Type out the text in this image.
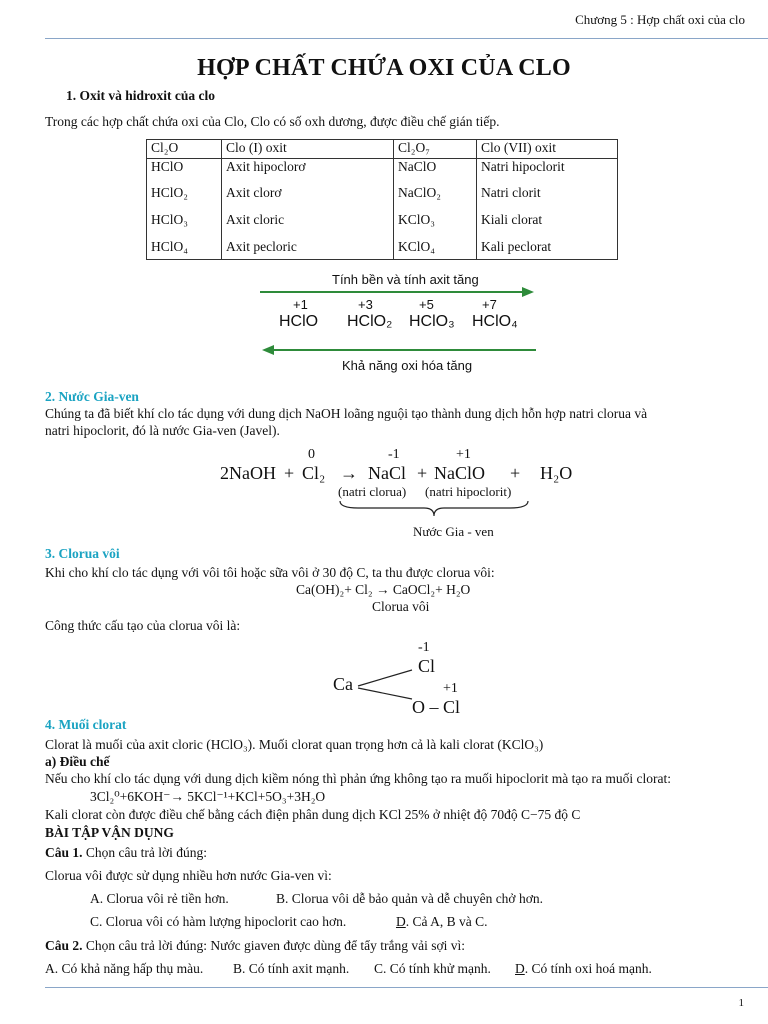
Chương 5 : Hợp chất oxi của clo
HỢP CHẤT CHỨA OXI CỦA CLO
1. Oxit và hidroxit của clo
Trong các hợp chất chứa oxi của Clo, Clo có số oxh dương, được điều chế gián tiếp.
Cl₂O	Clo (I) oxit	Cl₂O₇	Clo (VII) oxit
HClO	Axit hipoclorơ	NaClO	Natri hipoclorit
HClO₂	Axit clorơ	NaClO₂	Natri clorit
HClO₃	Axit cloric	KClO₃	Kiali clorat
HClO₄	Axit pecloric	KClO₄	Kali peclorat
Tính bền và tính axit tăng
+1	+3	+5	+7
HClO HClO₂ HClO₃ HClO₄
Khả năng oxi hóa tăng
2. Nước Gia-ven
Chúng ta đã biết khí clo tác dụng với dung dịch NaOH loãng nguội tạo thành dung dịch hỗn hợp natri clorua và
natri hipoclorit, đó là nước Gia-ven (Javel).
0	-1	+1
2NaOH + Cl₂ → NaCl + NaClO + H₂O
(natri clorua) (natri hipoclorit)
Nước Gia - ven
3. Clorua vôi
Khi cho khí clo tác dụng với vôi tôi hoặc sữa vôi ở 30 độ C, ta thu được clorua vôi:
Ca(OH)₂+ Cl₂ → CaOCl₂+ H₂O
Clorua vôi
Công thức cấu tạo của clorua vôi là:
-1
Cl
Ca	+1
O – Cl
4. Muối clorat
Clorat là muối của axit cloric (HClO₃). Muối clorat quan trọng hơn cả là kali clorat (KClO₃)
a) Điều chế
Nếu cho khí clo tác dụng với dung dịch kiềm nóng thì phản ứng không tạo ra muối hipoclorit mà tạo ra muối clorat:
3Cl₂⁰+6KOH⁻→ 5KCl⁻¹+KCl+5O₃+3H₂O
Kali clorat còn được điều chế bằng cách điện phân dung dịch KCl 25% ở nhiệt độ 70độ C−75 độ C
BÀI TẬP VẬN DỤNG
Câu 1. Chọn câu trả lời đúng:
Clorua vôi được sử dụng nhiều hơn nước Gia-ven vì:
A. Clorua vôi rẻ tiền hơn.	B. Clorua vôi dễ bảo quản và dễ chuyên chở hơn.
C. Clorua vôi có hàm lượng hipoclorit cao hơn.	D. Cả A, B và C.
Câu 2. Chọn câu trả lời đúng: Nước giaven được dùng để tẩy trắng vải sợi vì:
A. Có khả năng hấp thụ màu. B. Có tính axit mạnh. C. Có tính khử mạnh. D. Có tính oxi hoá mạnh.
1
